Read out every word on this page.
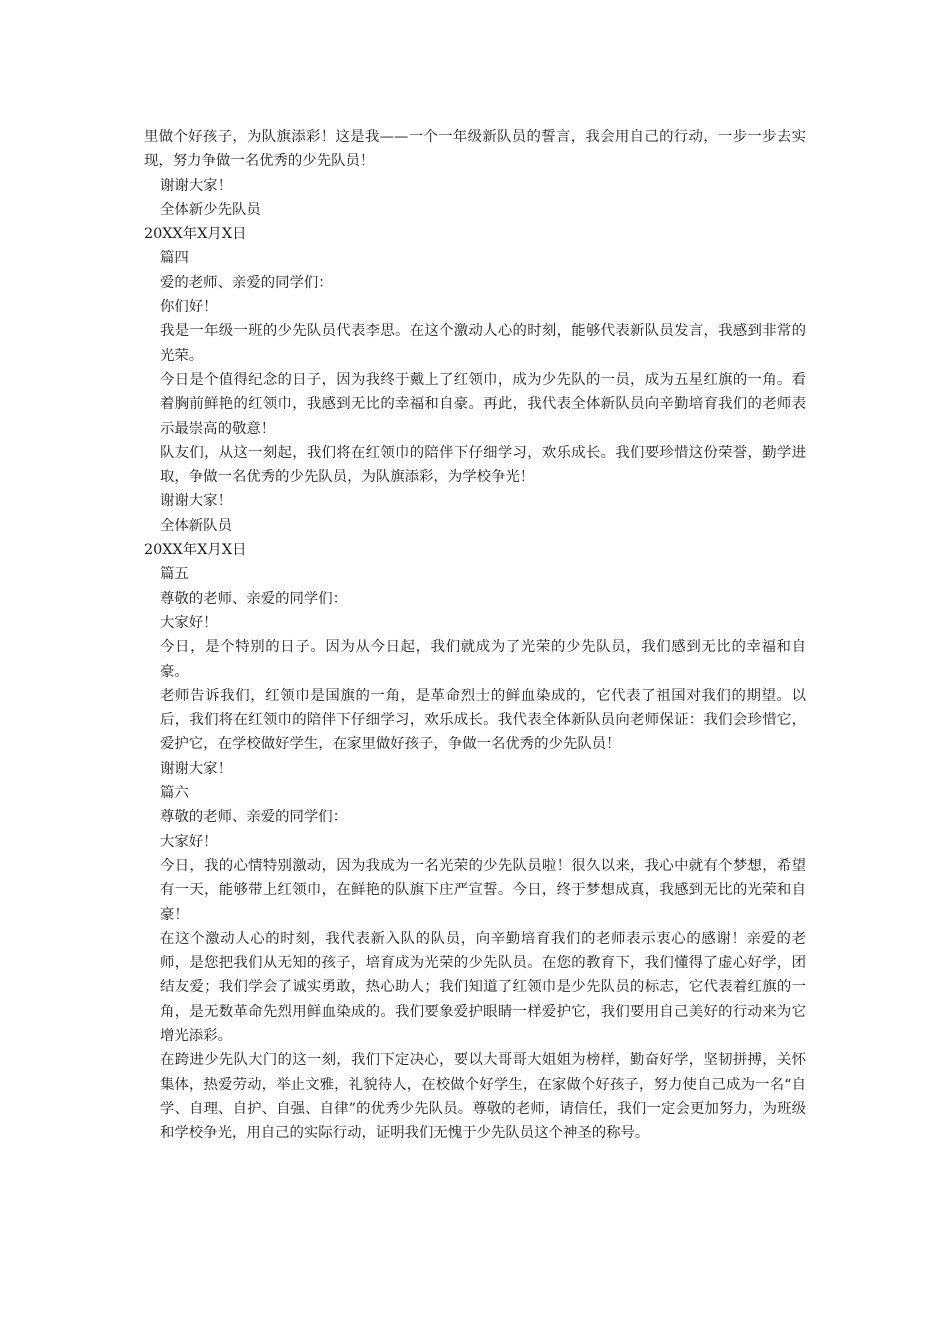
里做个好孩子，为队旗添彩！这是我——一个一年级新队员的誓言，我会用自己的行动，一步一步去实现，努力争做一名优秀的少先队员！
谢谢大家！
全体新少先队员
20XX年X月X日
篇四
爱的老师、亲爱的同学们：
你们好！
我是一年级一班的少先队员代表李思。在这个激动人心的时刻，能够代表新队员发言，我感到非常的光荣。
今日是个值得纪念的日子，因为我终于戴上了红领巾，成为少先队的一员，成为五星红旗的一角。看着胸前鲜艳的红领巾，我感到无比的幸福和自豪。再此，我代表全体新队员向辛勤培育我们的老师表示最崇高的敬意！
队友们，从这一刻起，我们将在红领巾的陪伴下仔细学习，欢乐成长。我们要珍惜这份荣誉，勤学进取，争做一名优秀的少先队员，为队旗添彩，为学校争光！
谢谢大家！
全体新队员
20XX年X月X日
篇五
尊敬的老师、亲爱的同学们：
大家好！
今日，是个特别的日子。因为从今日起，我们就成为了光荣的少先队员，我们感到无比的幸福和自豪。
老师告诉我们，红领巾是国旗的一角，是革命烈士的鲜血染成的，它代表了祖国对我们的期望。以后，我们将在红领巾的陪伴下仔细学习，欢乐成长。我代表全体新队员向老师保证：我们会珍惜它，爱护它，在学校做好学生，在家里做好孩子，争做一名优秀的少先队员！
谢谢大家！
篇六
尊敬的老师、亲爱的同学们：
大家好！
今日，我的心情特别激动，因为我成为一名光荣的少先队员啦！很久以来，我心中就有个梦想，希望有一天，能够带上红领巾，在鲜艳的队旗下庄严宣誓。今日，终于梦想成真，我感到无比的光荣和自豪！
在这个激动人心的时刻，我代表新入队的队员，向辛勤培育我们的老师表示衷心的感谢！亲爱的老师，是您把我们从无知的孩子，培育成为光荣的少先队员。在您的教育下，我们懂得了虚心好学，团结友爱；我们学会了诚实勇敢，热心助人；我们知道了红领巾是少先队员的标志，它代表着红旗的一角，是无数革命先烈用鲜血染成的。我们要象爱护眼睛一样爱护它，我们要用自己美好的行动来为它增光添彩。
在跨进少先队大门的这一刻，我们下定决心，要以大哥哥大姐姐为榜样，勤奋好学，坚韧拼搏，关怀集体，热爱劳动，举止文雅，礼貌待人，在校做个好学生，在家做个好孩子，努力使自己成为一名“自学、自理、自护、自强、自律”的优秀少先队员。尊敬的老师，请信任，我们一定会更加努力，为班级和学校争光，用自己的实际行动，证明我们无愧于少先队员这个神圣的称号。
